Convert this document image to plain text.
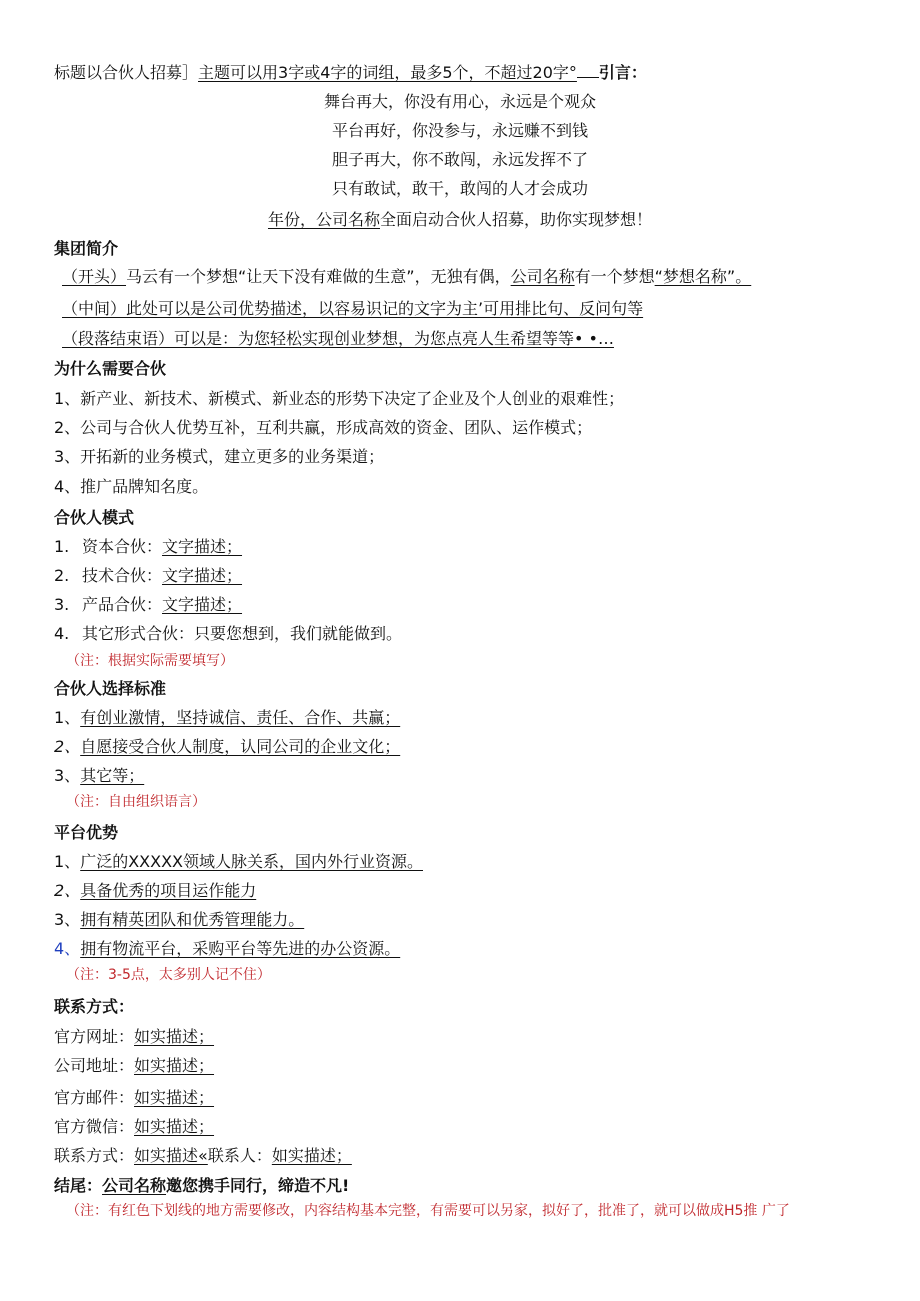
标题以合伙人招募］主题可以用3字或4字的词组，最多5个，不超过20字° 引言：
舞台再大，你没有用心，永远是个观众
平台再好，你没参与，永远赚不到钱
胆子再大，你不敢闯，永远发挥不了
只有敢试，敢干，敢闯的人才会成功
年份，公司名称全面启动合伙人招募，助你实现梦想！
集团简介
（开头）马云有一个梦想“让天下没有难做的生意”，无独有偶，公司名称有一个梦想“梦想名称”。
（中间）此处可以是公司优势描述，以容易识记的文字为主’可用排比句、反问句等
（段落结束语）可以是：为您轻松实现创业梦想，为您点亮人生希望等等• •…
为什么需要合伙
1、新产业、新技术、新模式、新业态的形势下决定了企业及个人创业的艰难性；
2、公司与合伙人优势互补，互利共赢，形成高效的资金、团队、运作模式；
3、开拓新的业务模式，建立更多的业务渠道；
4、推广品牌知名度。
合伙人模式
1. 资本合伙：文字描述；
2. 技术合伙：文字描述；
3. 产品合伙：文字描述；
4. 其它形式合伙：只要您想到，我们就能做到。
（注：根据实际需要填写）
合伙人选择标准
1、有创业激情，坚持诚信、责任、合作、共赢；
2、自愿接受合伙人制度，认同公司的企业文化；
3、其它等；
（注：自由组织语言）
平台优势
1、广泛的XXXXX领域人脉关系，国内外行业资源。
2、具备优秀的项目运作能力
3、拥有精英团队和优秀管理能力。
4、拥有物流平台，采购平台等先进的办公资源。
（注：3-5点，太多别人记不住）
联系方式：
官方网址：如实描述；
公司地址：如实描述；
官方邮件：如实描述；
官方微信：如实描述；
联系方式：如实描述«联系人：如实描述；
结尾：公司名称邀您携手同行，缔造不凡!
（注：有红色下划线的地方需要修改，内容结构基本完整，有需要可以另家，拟好了，批准了，就可以做成H5推 广了
